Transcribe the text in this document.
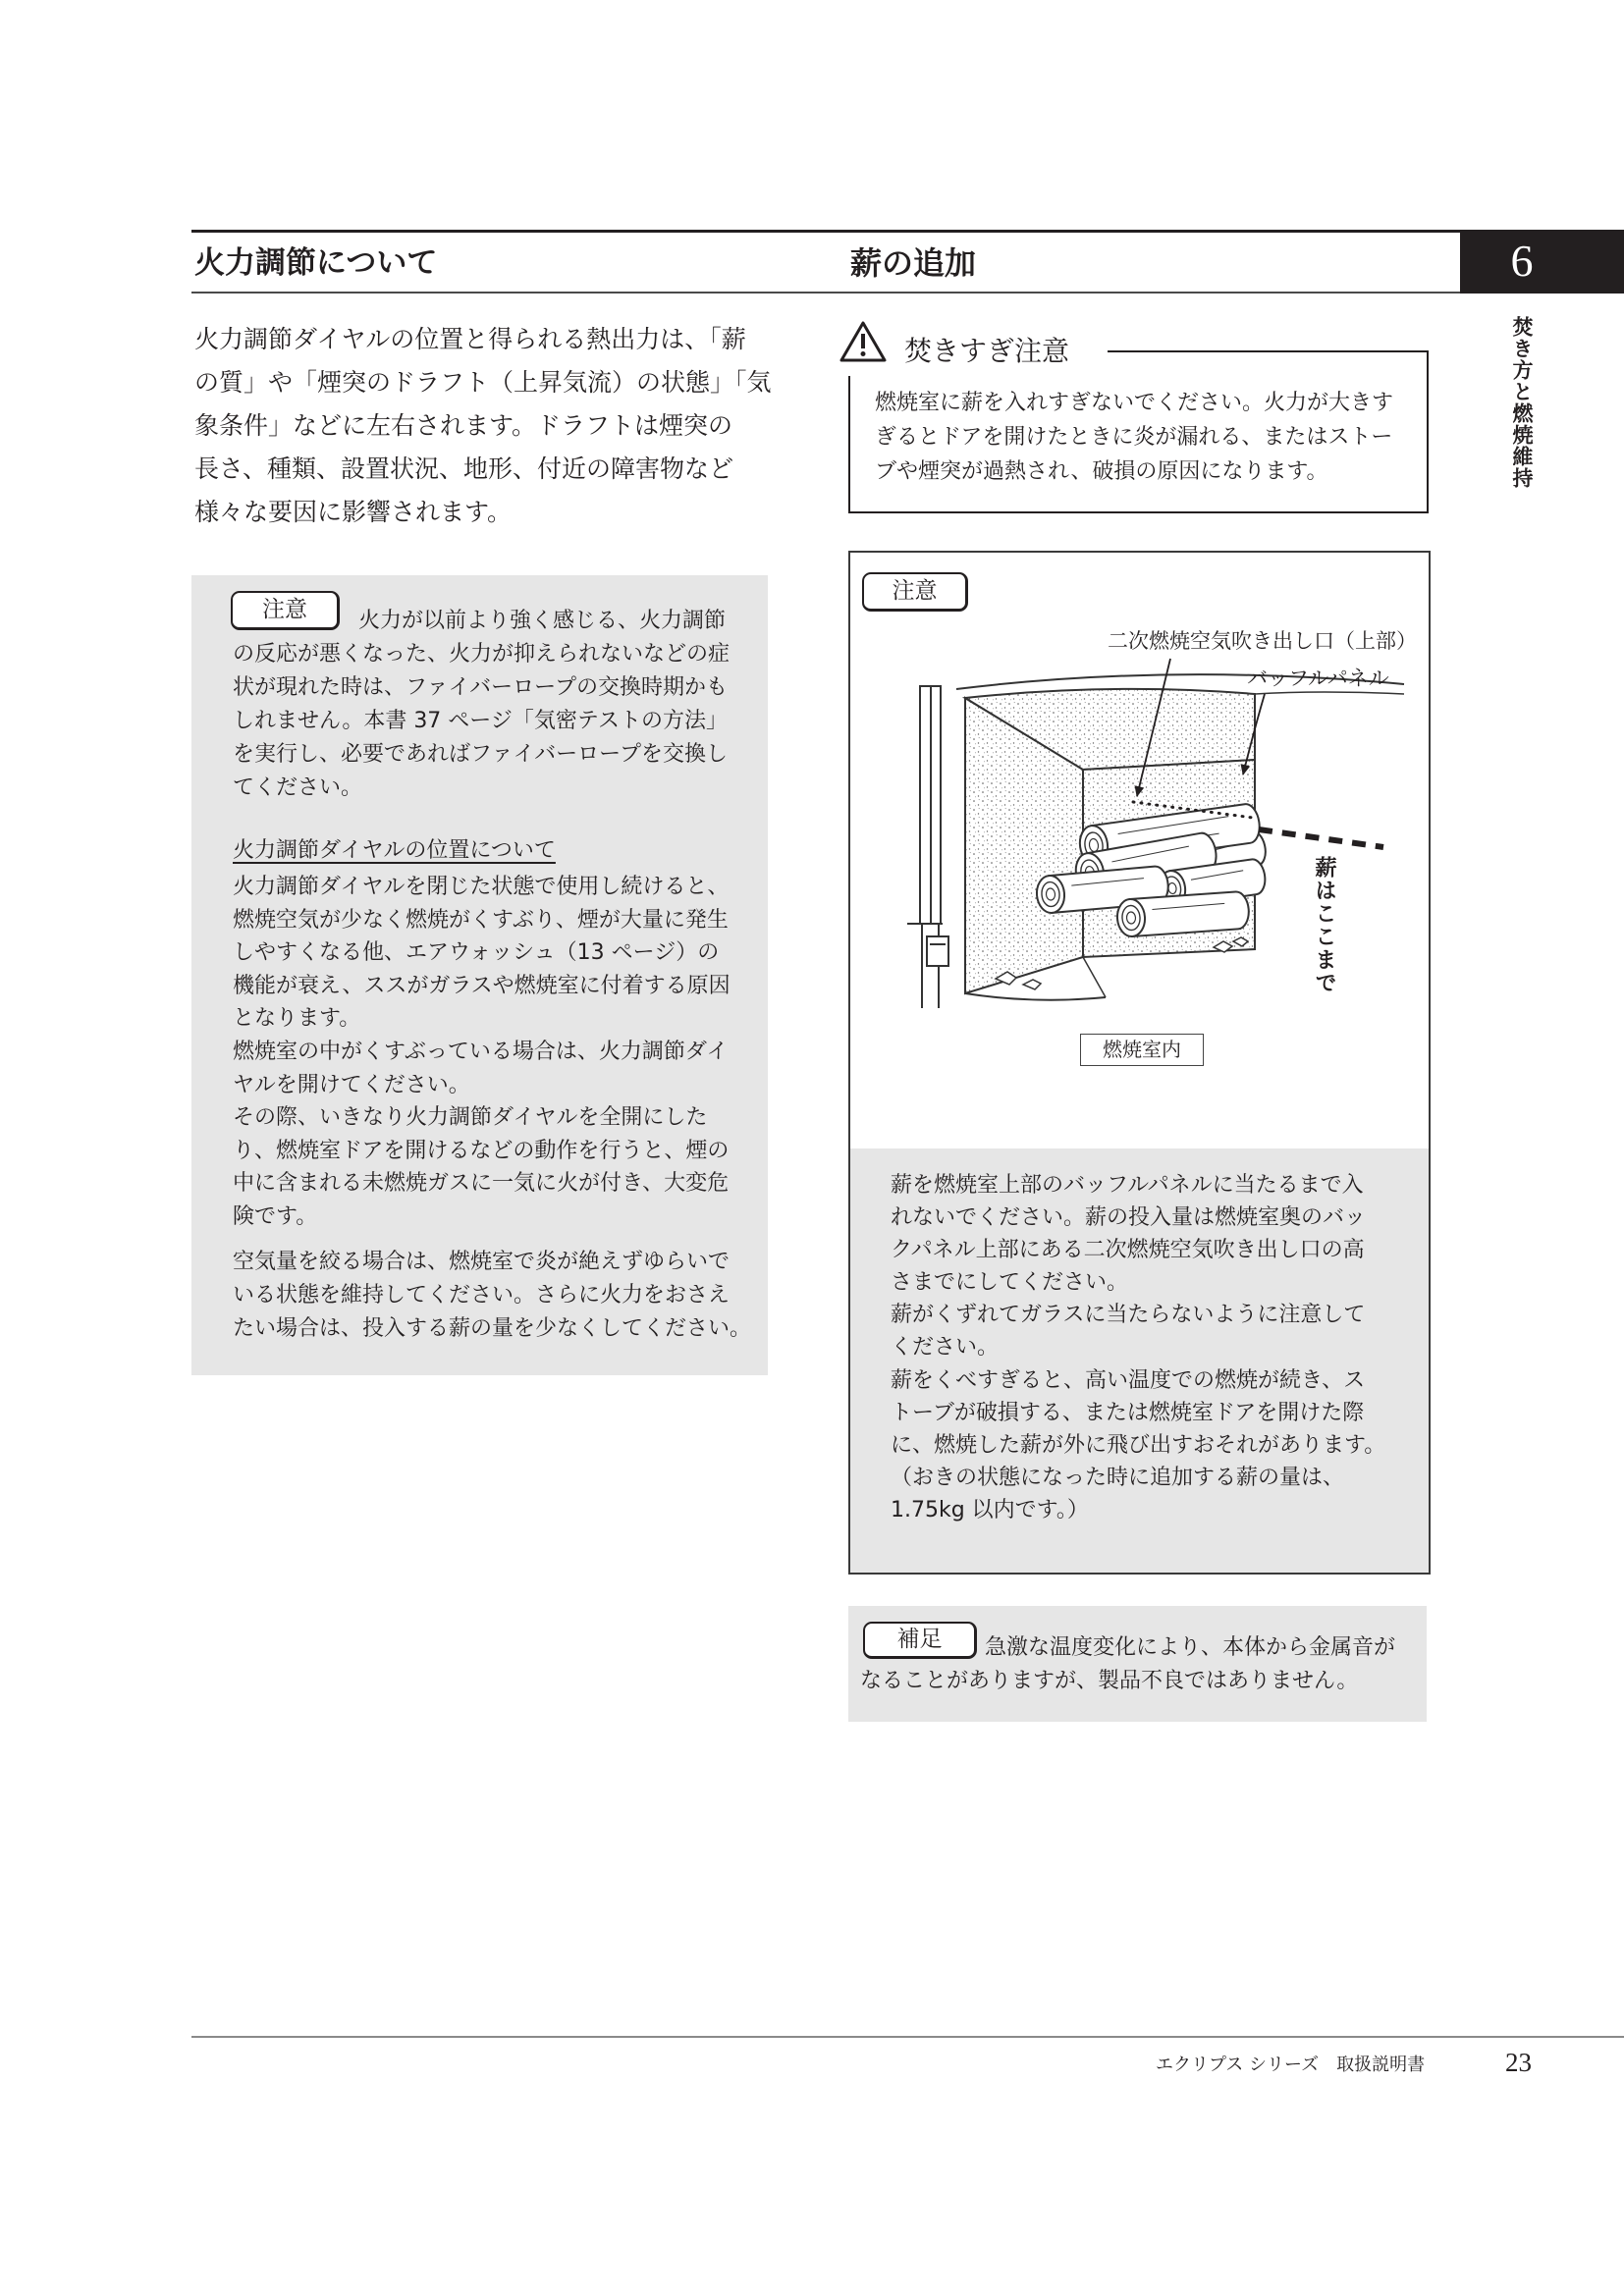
6
焚き方と燃焼維持
火力調節について	薪の追加
火力調節ダイヤルの位置と得られる熱出力は、「薪
の質」や「煙突のドラフト（上昇気流）の状態」「気
象条件」などに左右されます。ドラフトは煙突の
長さ、種類、設置状況、地形、付近の障害物など
様々な要因に影響されます。
注意	火力が以前より強く感じる、火力調節
の反応が悪くなった、火力が抑えられないなどの症
状が現れた時は、ファイバーロープの交換時期かも
しれません。本書 37 ページ「気密テストの方法」
を実行し、必要であればファイバーロープを交換し
てください。
火力調節ダイヤルの位置について
火力調節ダイヤルを閉じた状態で使用し続けると、
燃焼空気が少なく燃焼がくすぶり、煙が大量に発生
しやすくなる他、エアウォッシュ（13 ページ）の
機能が衰え、ススがガラスや燃焼室に付着する原因
となります。
燃焼室の中がくすぶっている場合は、火力調節ダイ
ヤルを開けてください。
その際、いきなり火力調節ダイヤルを全開にした
り、燃焼室ドアを開けるなどの動作を行うと、煙の
中に含まれる未燃焼ガスに一気に火が付き、大変危
険です。
空気量を絞る場合は、燃焼室で炎が絶えずゆらいで
いる状態を維持してください。さらに火力をおさえ
たい場合は、投入する薪の量を少なくしてください。
焚きすぎ注意
燃焼室に薪を入れすぎないでください。火力が大きす
ぎるとドアを開けたときに炎が漏れる、またはストー
ブや煙突が過熱され、破損の原因になります。
注意
二次燃焼空気吹き出し口（上部）
バッフルパネル
薪はここまで
燃焼室内
薪を燃焼室上部のバッフルパネルに当たるまで入
れないでください。薪の投入量は燃焼室奥のバッ
クパネル上部にある二次燃焼空気吹き出し口の高
さまでにしてください。
薪がくずれてガラスに当たらないように注意して
ください。
薪をくべすぎると、高い温度での燃焼が続き、ス
トーブが破損する、または燃焼室ドアを開けた際
に、燃焼した薪が外に飛び出すおそれがあります。
（おきの状態になった時に追加する薪の量は、
1.75kg 以内です。）
補足	急激な温度変化により、本体から金属音が
なることがありますが、製品不良ではありません。
エクリプス シリーズ　取扱説明書	23
